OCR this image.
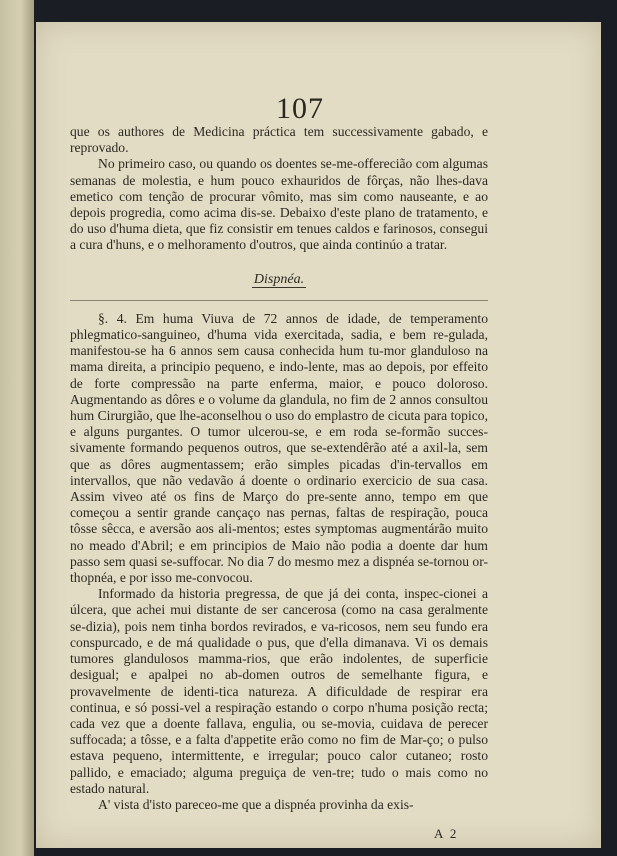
107

que os authores de Medicina práctica tem successivamente gabado, e reprovado.

No primeiro caso, ou quando os doentes se-me-offerecião com algumas semanas de molestia, e hum pouco exhauridos de fôrças, não lhes-dava emetico com tenção de procurar vômito, mas sim como nauseante, e ao depois progredia, como acima dis-se. Debaixo d'este plano de tratamento, e do uso d'huma dieta, que fiz consistir em tenues caldos e farinosos, consegui a cura d'huns, e o melhoramento d'outros, que ainda continúo a tratar.

Dispnéa.

§. 4. Em huma Viuva de 72 annos de idade, de temperamento phlegmatico-sanguineo, d'huma vida exercitada, sadia, e bem re-gulada, manifestou-se ha 6 annos sem causa conhecida hum tu-mor glanduloso na mama direita, a principio pequeno, e indo-lente, mas ao depois, por effeito de forte compressão na parte enferma, maior, e pouco doloroso. Augmentando as dôres e o volume da glandula, no fim de 2 annos consultou hum Cirurgião, que lhe-aconselhou o uso do emplastro de cicuta para topico, e alguns purgantes. O tumor ulcerou-se, e em roda se-formão succes-sivamente formando pequenos outros, que se-extendêrão até a axil-la, sem que as dôres augmentassem; erão simples picadas d'in-tervallos em intervallos, que não vedavão á doente o ordinario exercicio de sua casa. Assim viveo até os fins de Março do pre-sente anno, tempo em que começou a sentir grande cançaço nas pernas, faltas de respiração, pouca tôsse sêcca, e aversão aos ali-mentos; estes symptomas augmentárão muito no meado d'Abril; e em principios de Maio não podia a doente dar hum passo sem quasi se-suffocar. No dia 7 do mesmo mez a dispnéa se-tornou or-thopnéa, e por isso me-convocou.

Informado da historia pregressa, de que já dei conta, inspec-cionei a úlcera, que achei mui distante de ser cancerosa (como na casa geralmente se-dizia), pois nem tinha bordos revirados, e va-ricosos, nem seu fundo era conspurcado, e de má qualidade o pus, que d'ella dimanava. Vi os demais tumores glandulosos mamma-rios, que erão indolentes, de superficie desigual; e apalpei no ab-domen outros de semelhante figura, e provavelmente de identi-tica natureza. A dificuldade de respirar era continua, e só possi-vel a respiração estando o corpo n'huma posição recta; cada vez que a doente fallava, engulia, ou se-movia, cuidava de perecer suffocada; a tôsse, e a falta d'appetite erão como no fim de Mar-ço; o pulso estava pequeno, intermittente, e irregular; pouco calor cutaneo; rosto pallido, e emaciado; alguma preguiça de ven-tre; tudo o mais como no estado natural.

A' vista d'isto pareceo-me que a dispnéa provinha da exis-

A 2
